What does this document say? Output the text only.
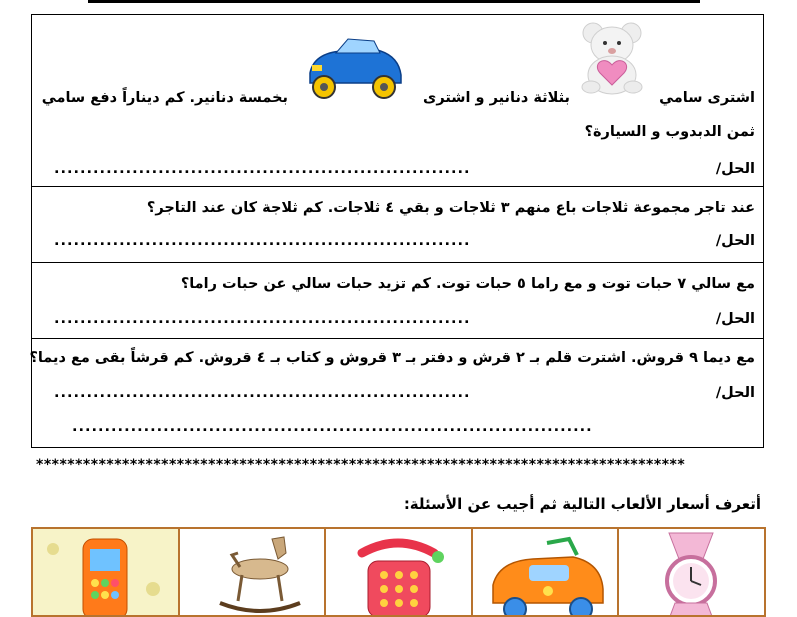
اشترى سامي
بثلاثة دنانير و اشترى
بخمسة دنانير. كم ديناراً دفع سامي
ثمن الدبدوب و السيارة؟
الحل/
................................................................
عند تاجر مجموعة ثلاجات باع منهم ٣ ثلاجات و بقي ٤ ثلاجات. كم ثلاجة كان عند التاجر؟
الحل/
................................................................
مع سالي ٧ حبات توت و مع راما ٥ حبات توت. كم تزيد حبات سالي عن حبات راما؟
الحل/
................................................................
مع ديما ٩ قروش. اشترت قلم بـ ٢ قرش و دفتر بـ ٣ قروش و كتاب بـ ٤ قروش. كم قرشاً بقى مع ديما؟
الحل/
................................................................
................................................................................
***********************************************************************************
أتعرف أسعار الألعاب التالية ثم أجيب عن الأسئلة:
